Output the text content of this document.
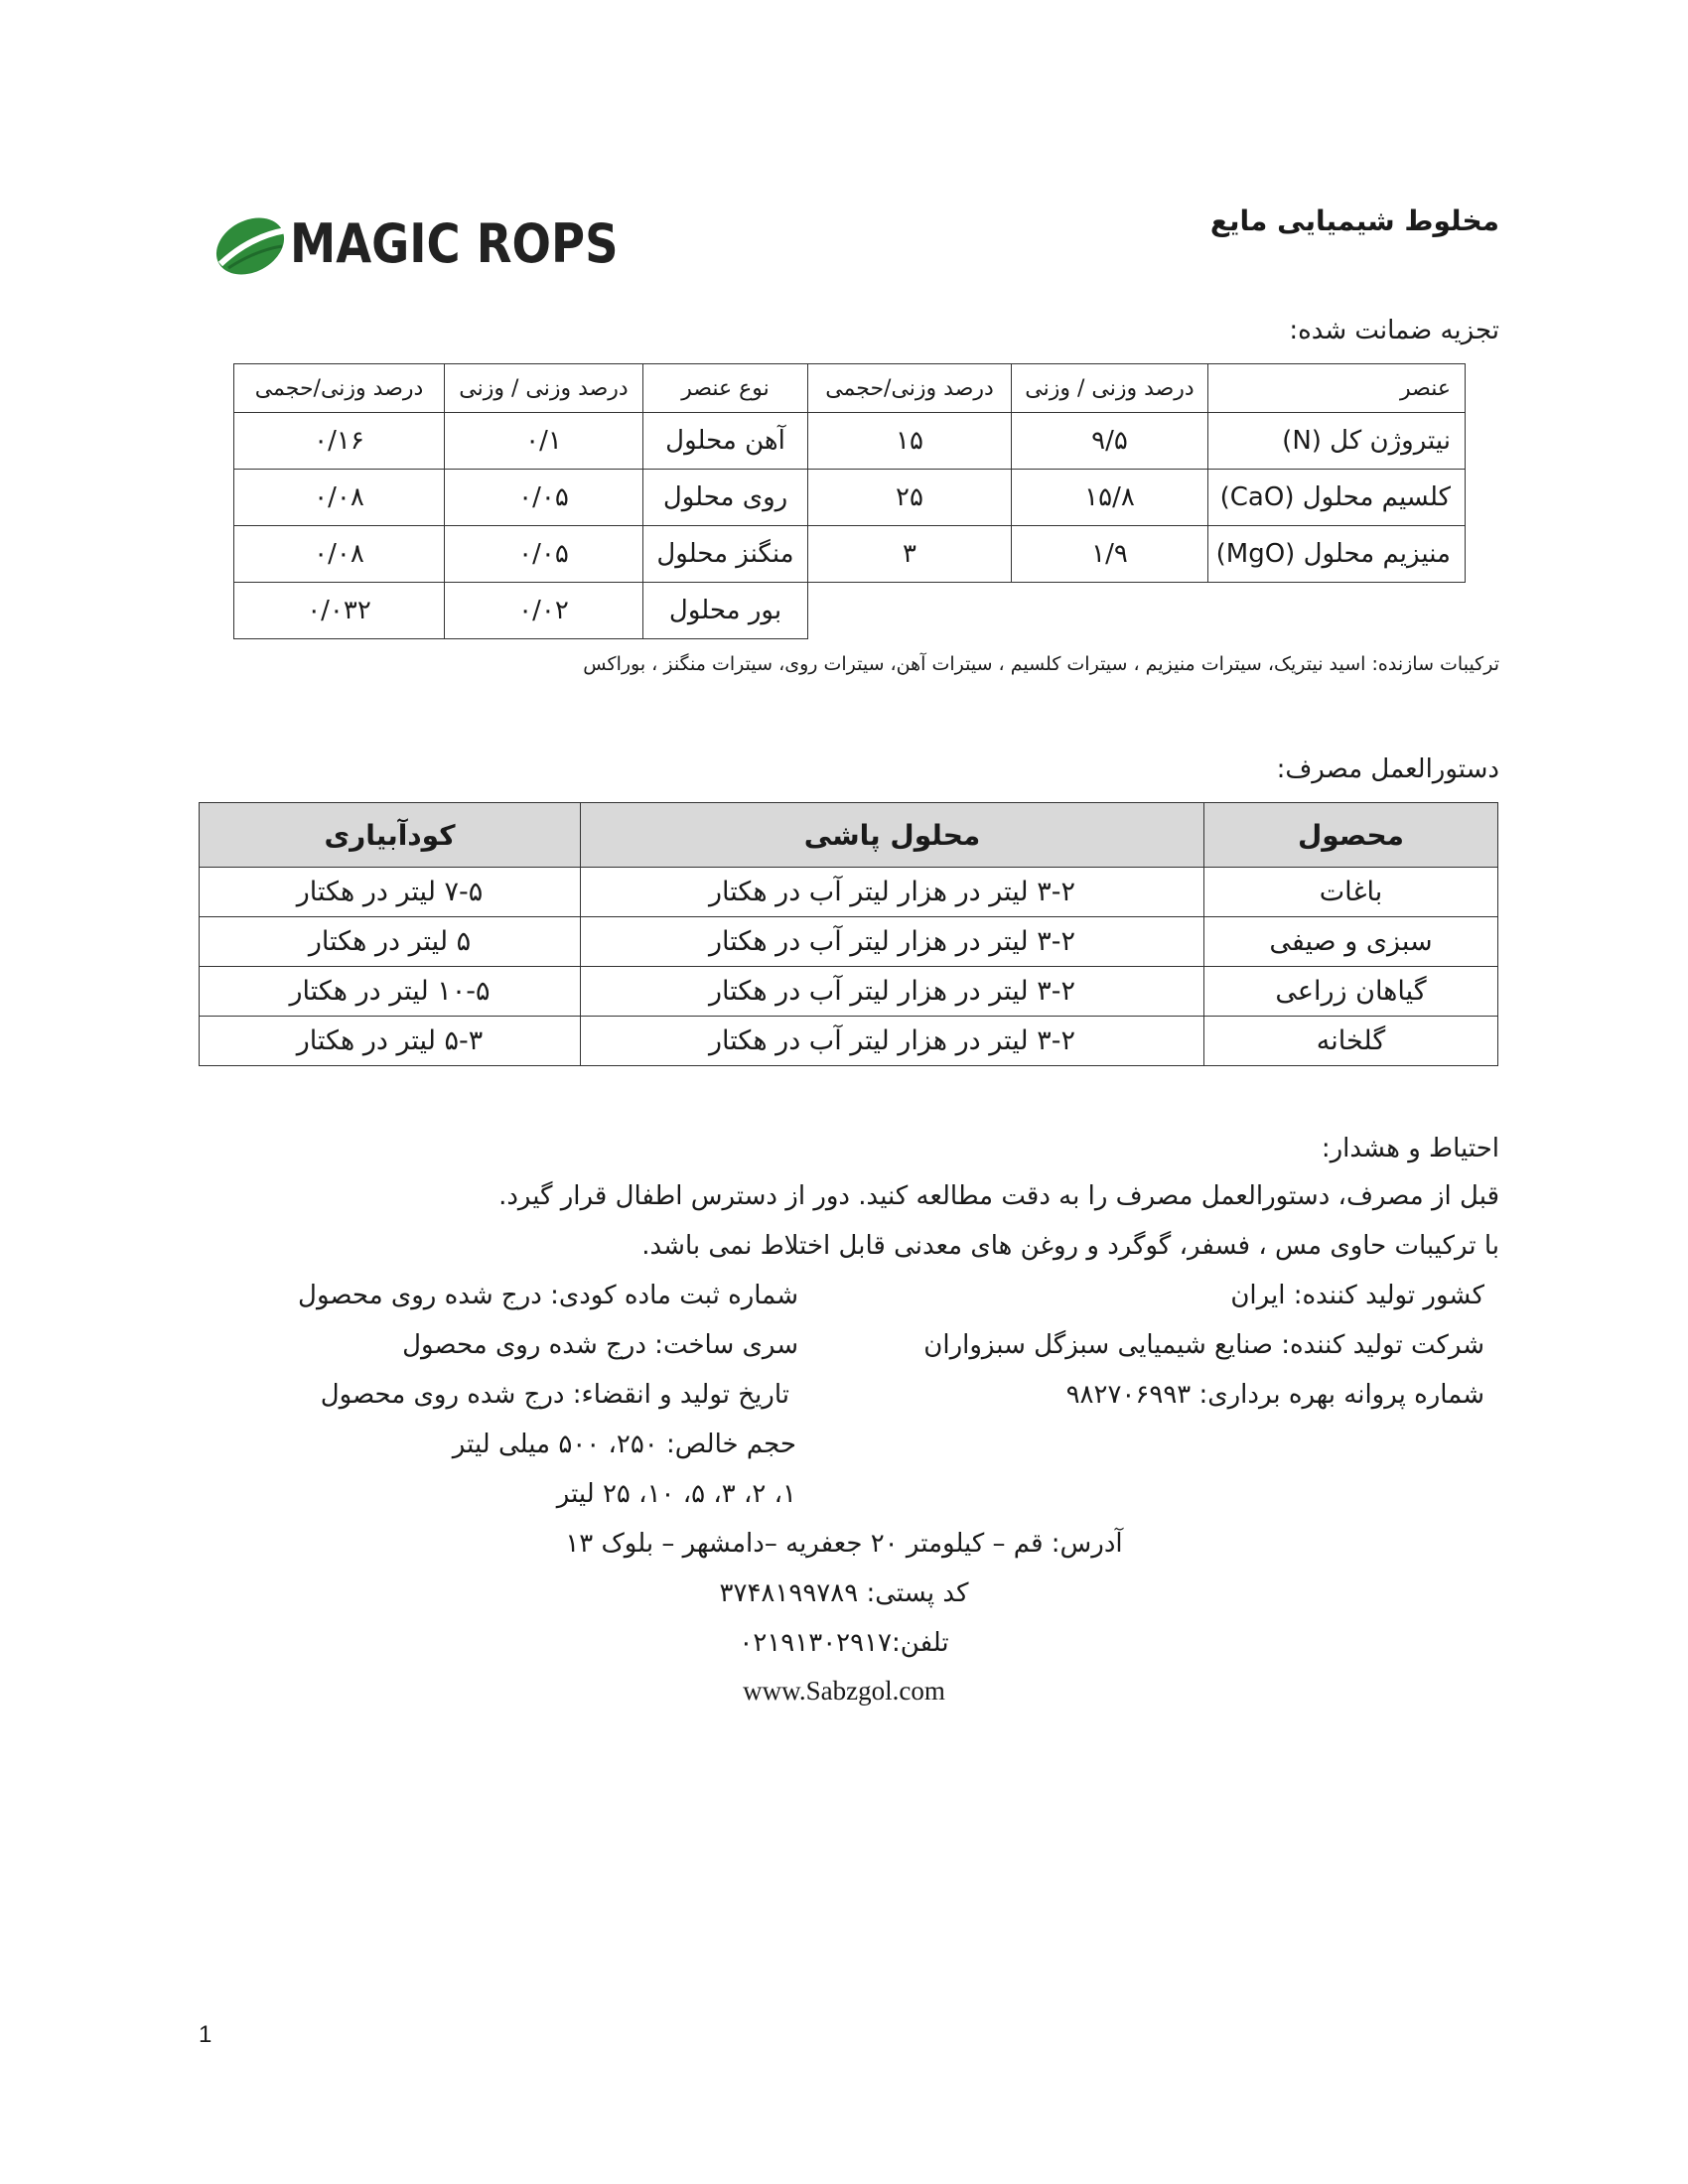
MAGIC ROPS	مخلوط شیمیایی مایع
تجزیه ضمانت شده:
عنصر	درصد وزنی / وزنی	درصد وزنی/حجمی	نوع عنصر	درصد وزنی / وزنی	درصد وزنی/حجمی
نیتروژن کل (N)	۹/۵	۱۵	آهن محلول	۰/۱	۰/۱۶
کلسیم محلول (CaO)	۱۵/۸	۲۵	روی محلول	۰/۰۵	۰/۰۸
منیزیم محلول (MgO)	۱/۹	۳	منگنز محلول	۰/۰۵	۰/۰۸
			بور محلول	۰/۰۲	۰/۰۳۲
ترکیبات سازنده: اسید نیتریک، سیترات منیزیم ، سیترات کلسیم ، سیترات آهن، سیترات روی، سیترات منگنز ، بوراکس
دستورالعمل مصرف:
محصول	محلول پاشی	کودآبیاری
باغات	۳-۲ لیتر در هزار لیتر آب در هکتار	۷-۵ لیتر در هکتار
سبزی و صیفی	۳-۲ لیتر در هزار لیتر آب در هکتار	۵ لیتر در هکتار
گیاهان زراعی	۳-۲ لیتر در هزار لیتر آب در هکتار	۱۰-۵ لیتر در هکتار
گلخانه	۳-۲ لیتر در هزار لیتر آب در هکتار	۵-۳ لیتر در هکتار
احتیاط و هشدار:
قبل از مصرف، دستورالعمل مصرف را به دقت مطالعه کنید. دور از دسترس اطفال قرار گیرد.
با ترکیبات حاوی مس ، فسفر، گوگرد و روغن های معدنی قابل اختلاط نمی باشد.
کشور تولید کننده: ایران
شرکت تولید کننده: صنایع شیمیایی سبزگل سبزواران
شماره پروانه بهره برداری: ۹۸۲۷۰۶۹۹۳
شماره ثبت ماده کودی: درج شده روی محصول
سری ساخت: درج شده روی محصول
تاریخ تولید و انقضاء: درج شده روی محصول
حجم خالص: ۲۵۰، ۵۰۰ میلی لیتر
۱، ۲، ۳، ۵، ۱۰، ۲۵ لیتر
آدرس: قم – کیلومتر ۲۰ جعفریه –دامشهر – بلوک ۱۳
کد پستی: ۳۷۴۸۱۹۹۷۸۹
تلفن:۰۲۱۹۱۳۰۲۹۱۷
www.Sabzgol.com
1
